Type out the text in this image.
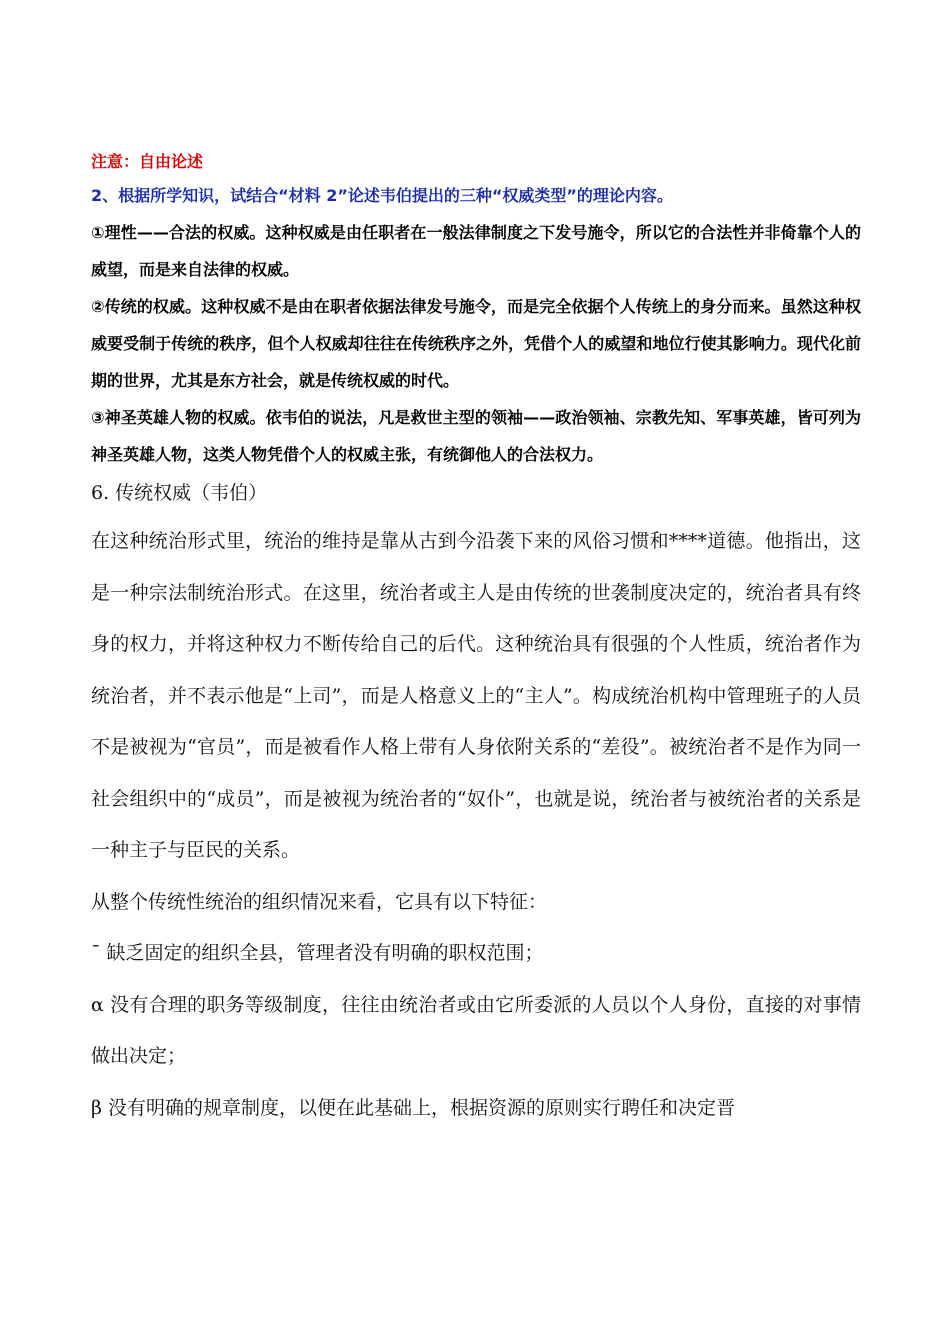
注意：自由论述
2、根据所学知识，试结合“材料 2”论述韦伯提出的三种“权威类型”的理论内容。

①理性——合法的权威。这种权威是由任职者在一般法律制度之下发号施令，所以它的合法性并非倚靠个人的威望，而是来自法律的权威。

②传统的权威。这种权威不是由在职者依据法律发号施令，而是完全依据个人传统上的身分而来。虽然这种权威要受制于传统的秩序，但个人权威却往往在传统秩序之外，凭借个人的威望和地位行使其影响力。现代化前期的世界，尤其是东方社会，就是传统权威的时代。

③神圣英雄人物的权威。依韦伯的说法，凡是救世主型的领袖——政治领袖、宗教先知、军事英雄，皆可列为神圣英雄人物，这类人物凭借个人的权威主张，有统御他人的合法权力。

6. 传统权威（韦伯）

在这种统治形式里，统治的维持是靠从古到今沿袭下来的风俗习惯和****道德。他指出，这是一种宗法制统治形式。在这里，统治者或主人是由传统的世袭制度决定的，统治者具有终身的权力，并将这种权力不断传给自己的后代。这种统治具有很强的个人性质，统治者作为统治者，并不表示他是“上司”，而是人格意义上的“主人”。构成统治机构中管理班子的人员不是被视为“官员”，而是被看作人格上带有人身依附关系的“差役”。被统治者不是作为同一社会组织中的“成员”，而是被视为统治者的“奴仆”，也就是说，统治者与被统治者的关系是一种主子与臣民的关系。

从整个传统性统治的组织情况来看，它具有以下特征：

¯ 缺乏固定的组织全县，管理者没有明确的职权范围；

α 没有合理的职务等级制度，往往由统治者或由它所委派的人员以个人身份，直接的对事情做出决定；

β 没有明确的规章制度，以便在此基础上，根据资源的原则实行聘任和决定晋
